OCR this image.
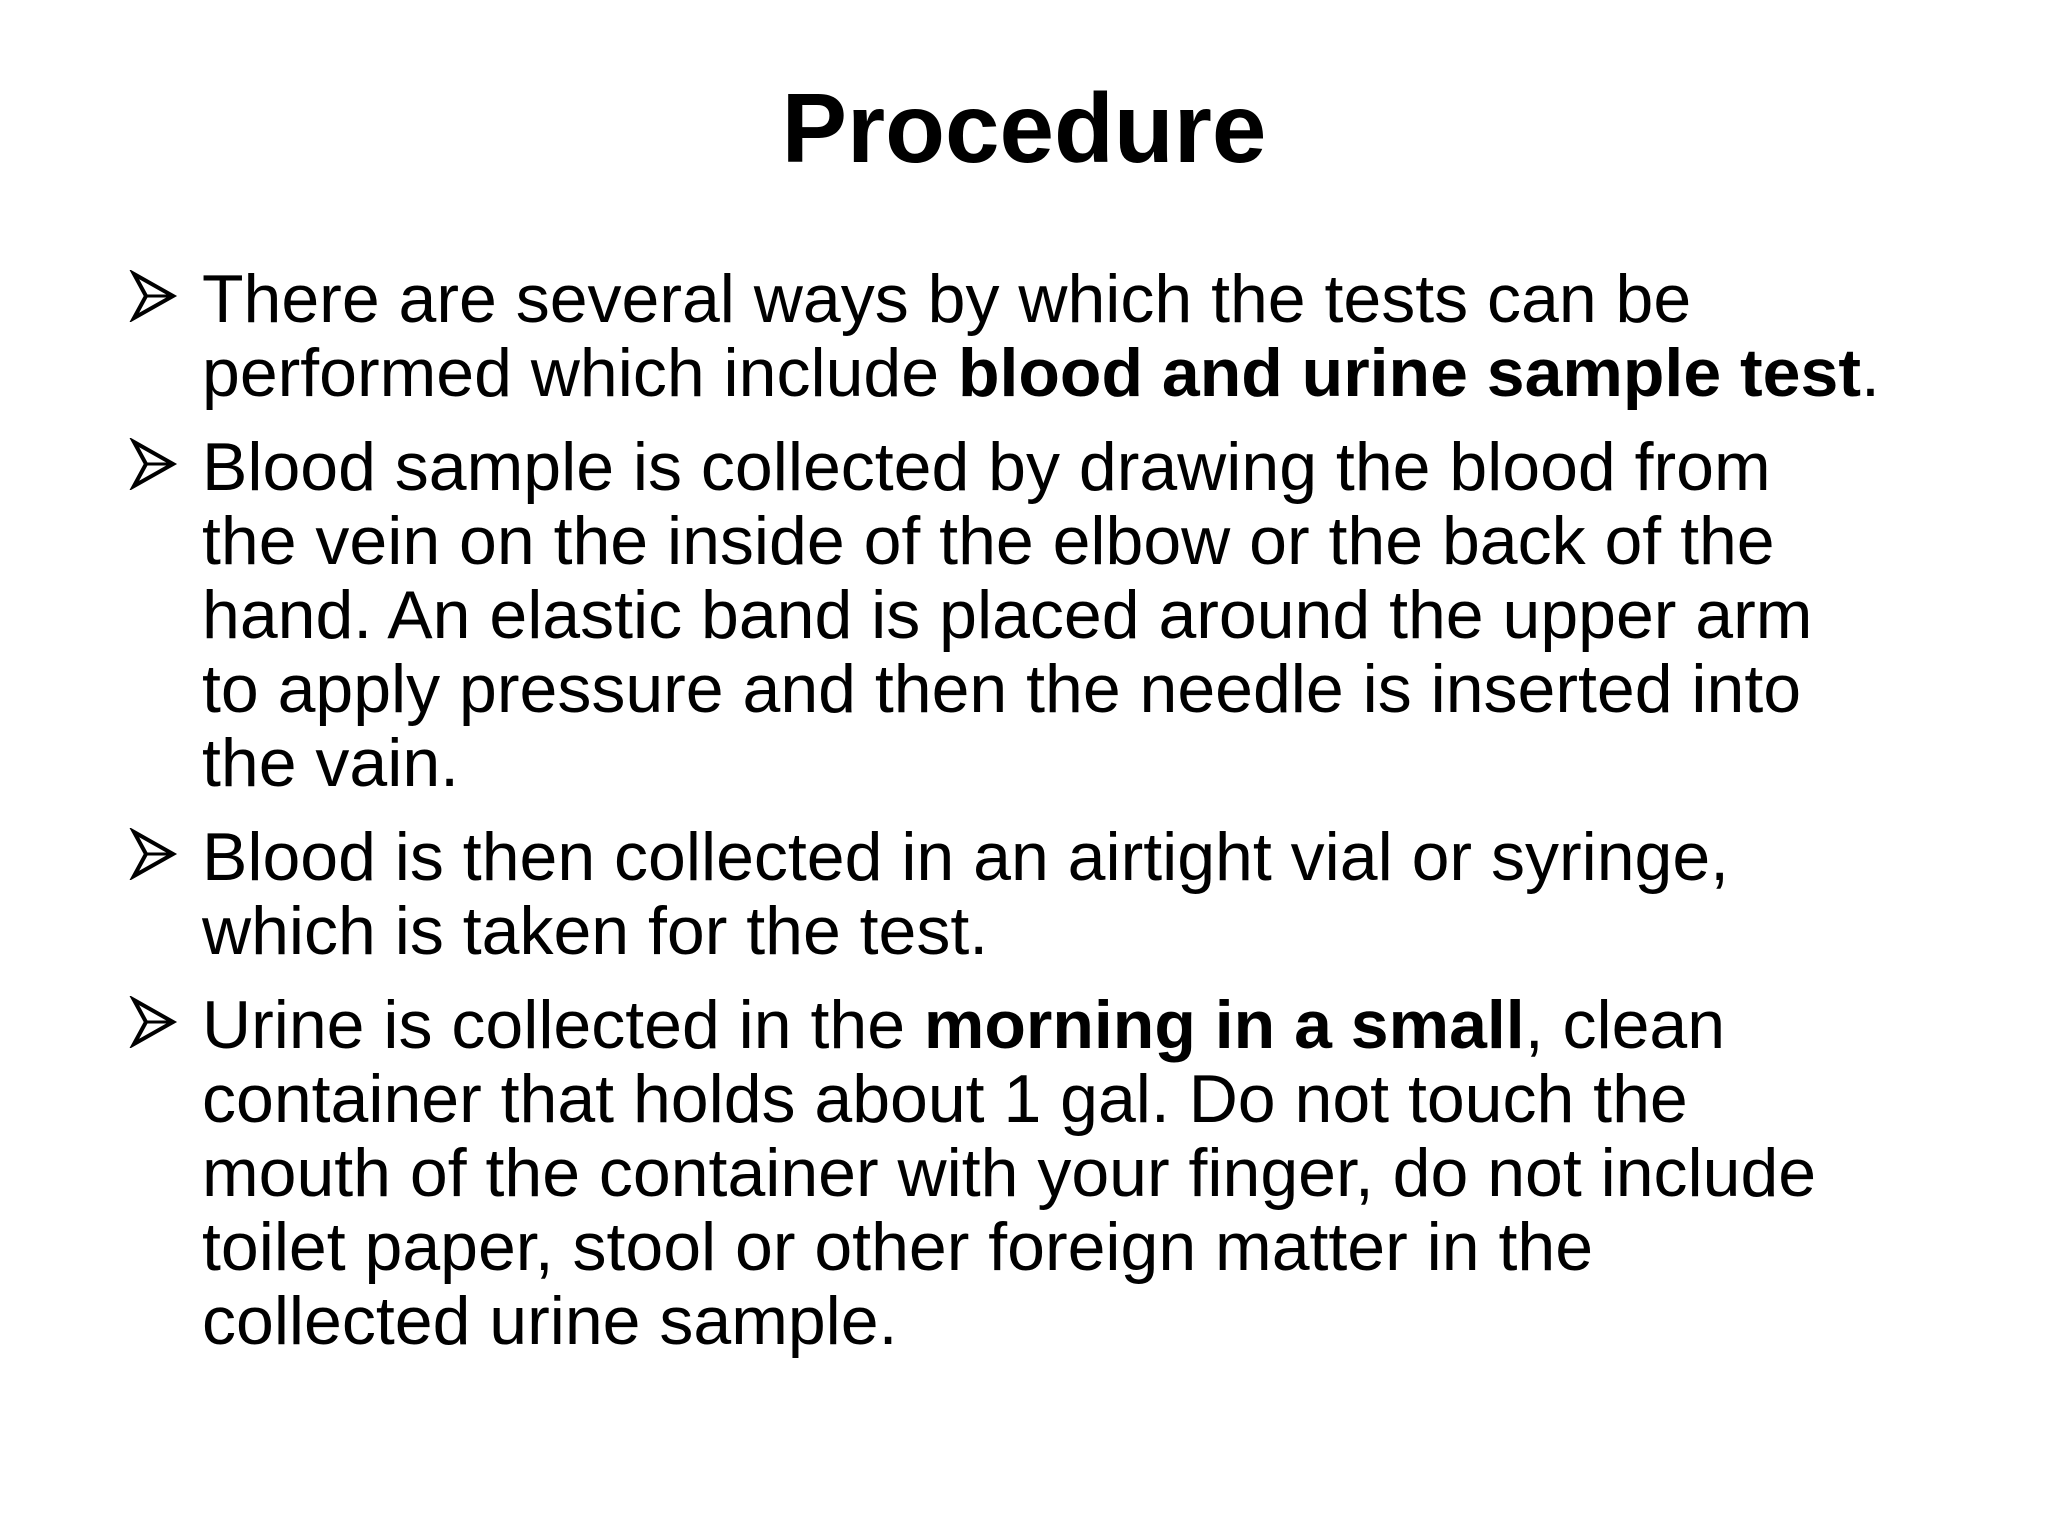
Procedure
There are several ways by which the tests can be
performed which include blood and urine sample test.
Blood sample is collected by drawing the blood from
the vein on the inside of the elbow or the back of the
hand. An elastic band is placed around the upper arm
to apply pressure and then the needle is inserted into
the vain.
Blood is then collected in an airtight vial or syringe,
which is taken for the test.
Urine is collected in the morning in a small, clean
container that holds about 1 gal. Do not touch the
mouth of the container with your finger, do not include
toilet paper, stool or other foreign matter in the
collected urine sample.
